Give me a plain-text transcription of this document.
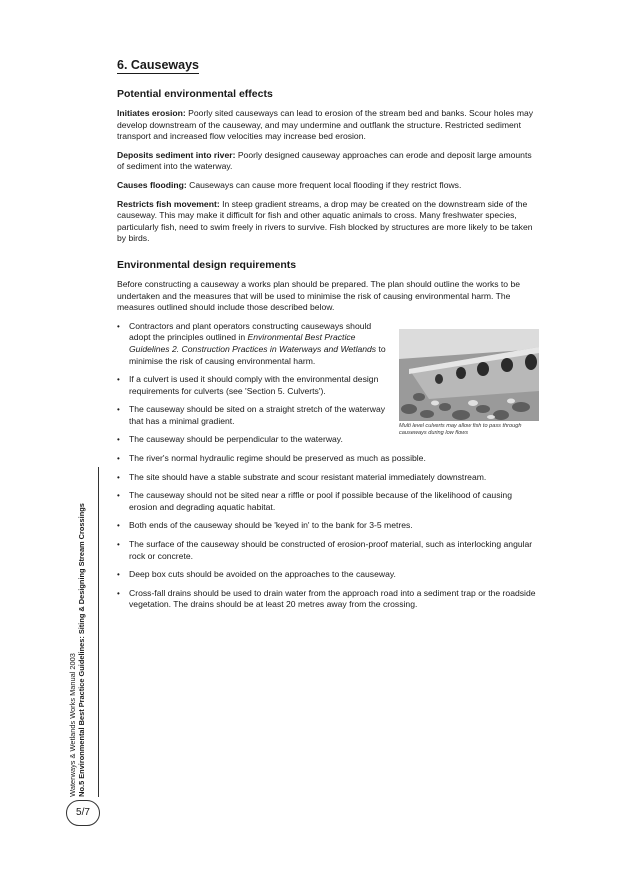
6. Causeways
Potential environmental effects

Initiates erosion: Poorly sited causeways can lead to erosion of the stream bed and banks. Scour holes may develop downstream of the causeway, and may undermine and outflank the structure. Restricted sediment transport and increased flow velocities may increase bed erosion.

Deposits sediment into river: Poorly designed causeway approaches can erode and deposit large amounts of sediment into the waterway.

Causes flooding: Causeways can cause more frequent local flooding if they restrict flows.

Restricts fish movement: In steep gradient streams, a drop may be created on the downstream side of the causeway. This may make it difficult for fish and other aquatic animals to cross. Many freshwater species, particularly fish, need to swim freely in rivers to survive. Fish blocked by structures are more likely to be taken by birds.

Environmental design requirements

Before constructing a causeway a works plan should be prepared. The plan should outline the works to be undertaken and the measures that will be used to minimise the risk of causing environmental harm. The measures outlined should include those described below.

• Contractors and plant operators constructing causeways should adopt the principles outlined in Environmental Best Practice Guidelines 2. Construction Practices in Waterways and Wetlands to minimise the risk of causing environmental harm.
• If a culvert is used it should comply with the environmental design requirements for culverts (see 'Section 5. Culverts').
• The causeway should be sited on a straight stretch of the waterway that has a minimal gradient.
• The causeway should be perpendicular to the waterway.
• The river's normal hydraulic regime should be preserved as much as possible.
• The site should have a stable substrate and scour resistant material immediately downstream.
• The causeway should not be sited near a riffle or pool if possible because of the likelihood of causing erosion and degrading aquatic habitat.
• Both ends of the causeway should be 'keyed in' to the bank for 3-5 metres.
• The surface of the causeway should be constructed of erosion-proof material, such as interlocking angular rock or concrete.
• Deep box cuts should be avoided on the approaches to the causeway.
• Cross-fall drains should be used to drain water from the approach road into a sediment trap or the roadside vegetation. The drains should be at least 20 metres away from the crossing.
Multi level culverts may allow fish to pass through causeways during low flows
Waterways & Wetlands Works Manual 2003 No.5 Environmental Best Practice Guidelines: Siting & Designing Stream Crossings
5/7
